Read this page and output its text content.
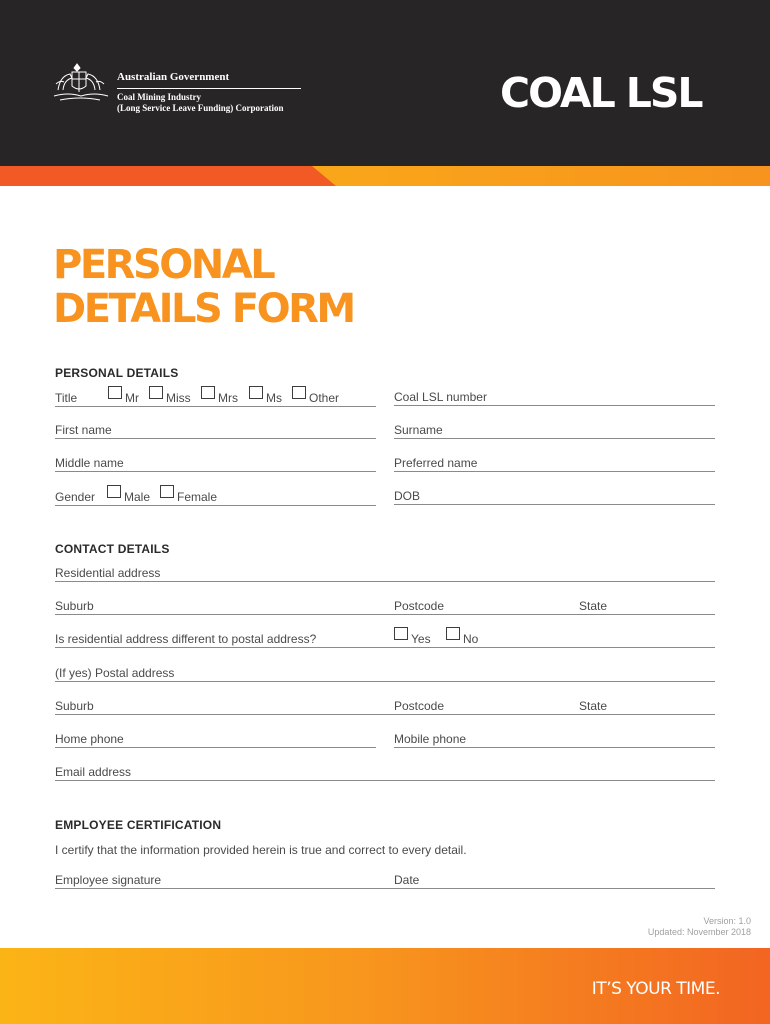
Australian Government
Coal Mining Industry
(Long Service Leave Funding) Corporation	COAL LSL
PERSONAL
DETAILS FORM
PERSONAL DETAILS
Title	Mr Miss Mrs Ms Other	Coal LSL number
First name	Surname
Middle name	Preferred name
Gender Male Female	DOB
CONTACT DETAILS
Residential address
Suburb	Postcode	State
Is residential address different to postal address?	Yes	No
(If yes) Postal address
Suburb	Postcode	State
Home phone	Mobile phone
Email address
EMPLOYEE CERTIFICATION
I certify that the information provided herein is true and correct to every detail.
Employee signature	Date
Version: 1.0
Updated: November 2018
IT’S YOUR TIME.
